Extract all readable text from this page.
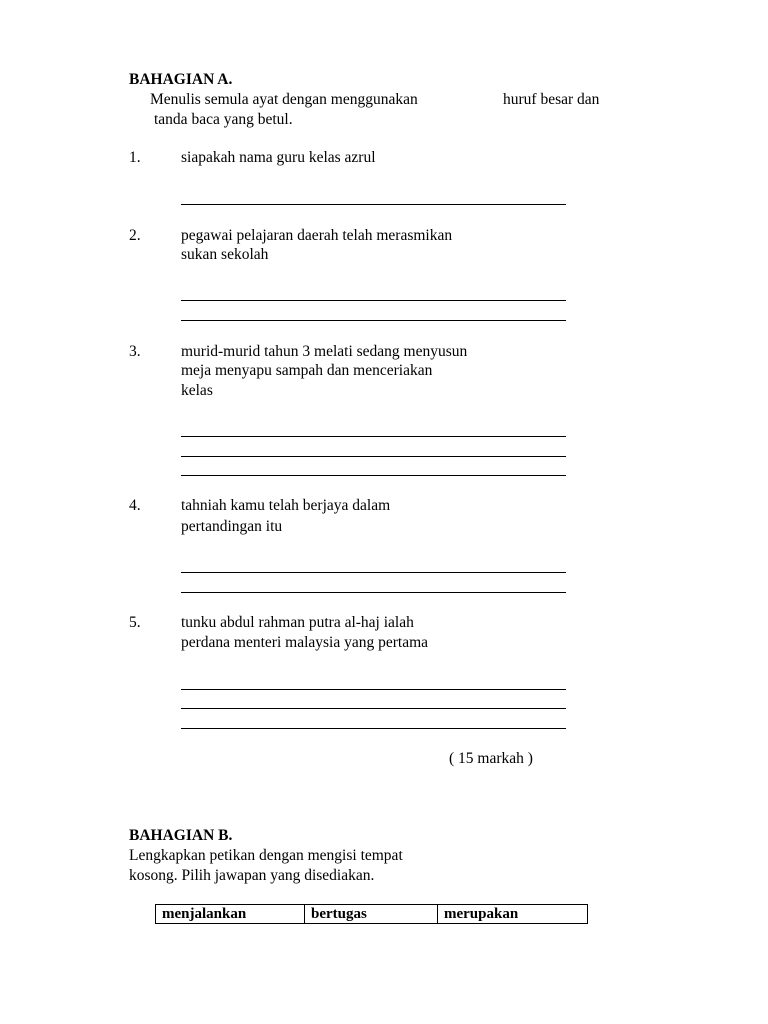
BAHAGIAN A.
Menulis semula ayat dengan menggunakan	huruf besar dan
tanda baca yang betul.
1.	siapakah nama guru kelas azrul
2.	pegawai pelajaran daerah telah merasmikan
sukan sekolah
3.	murid-murid tahun 3 melati sedang menyusun
meja menyapu sampah dan menceriakan
kelas
4.	tahniah kamu telah berjaya dalam
pertandingan itu
5.	tunku abdul rahman putra al-haj ialah
perdana menteri malaysia yang pertama
( 15 markah )
BAHAGIAN B.
Lengkapkan petikan dengan mengisi tempat
kosong. Pilih jawapan yang disediakan.
menjalankan	bertugas	merupakan
